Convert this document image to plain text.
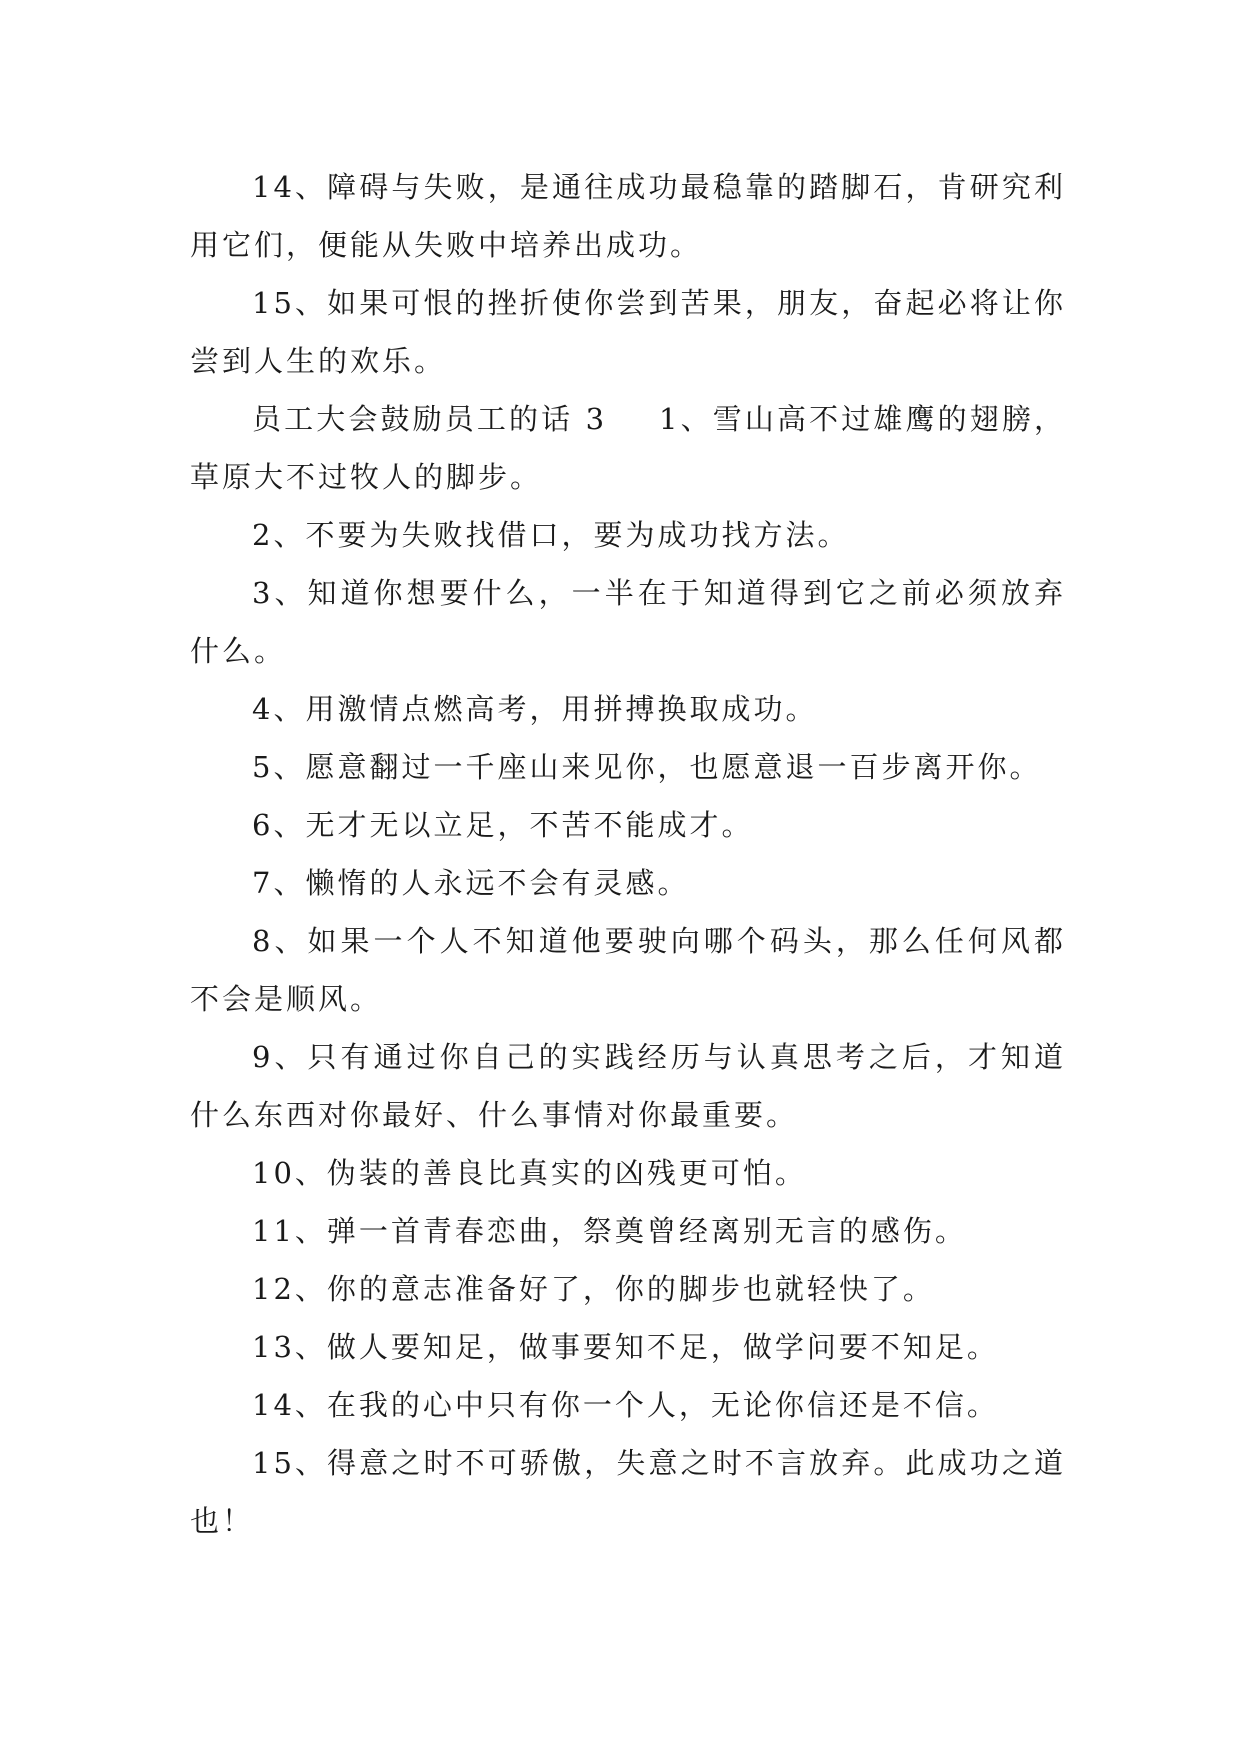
14、障碍与失败，是通往成功最稳靠的踏脚石，肯研究利用它们，便能从失败中培养出成功。

15、如果可恨的挫折使你尝到苦果，朋友，奋起必将让你尝到人生的欢乐。

员工大会鼓励员工的话 3 1、雪山高不过雄鹰的翅膀，草原大不过牧人的脚步。

2、不要为失败找借口，要为成功找方法。

3、知道你想要什么，一半在于知道得到它之前必须放弃什么。

4、用激情点燃高考，用拼搏换取成功。

5、愿意翻过一千座山来见你，也愿意退一百步离开你。

6、无才无以立足，不苦不能成才。

7、懒惰的人永远不会有灵感。

8、如果一个人不知道他要驶向哪个码头，那么任何风都不会是顺风。

9、只有通过你自己的实践经历与认真思考之后，才知道什么东西对你最好、什么事情对你最重要。

10、伪装的善良比真实的凶残更可怕。

11、弹一首青春恋曲，祭奠曾经离别无言的感伤。

12、你的意志准备好了，你的脚步也就轻快了。

13、做人要知足，做事要知不足，做学问要不知足。

14、在我的心中只有你一个人，无论你信还是不信。

15、得意之时不可骄傲，失意之时不言放弃。此成功之道也！
